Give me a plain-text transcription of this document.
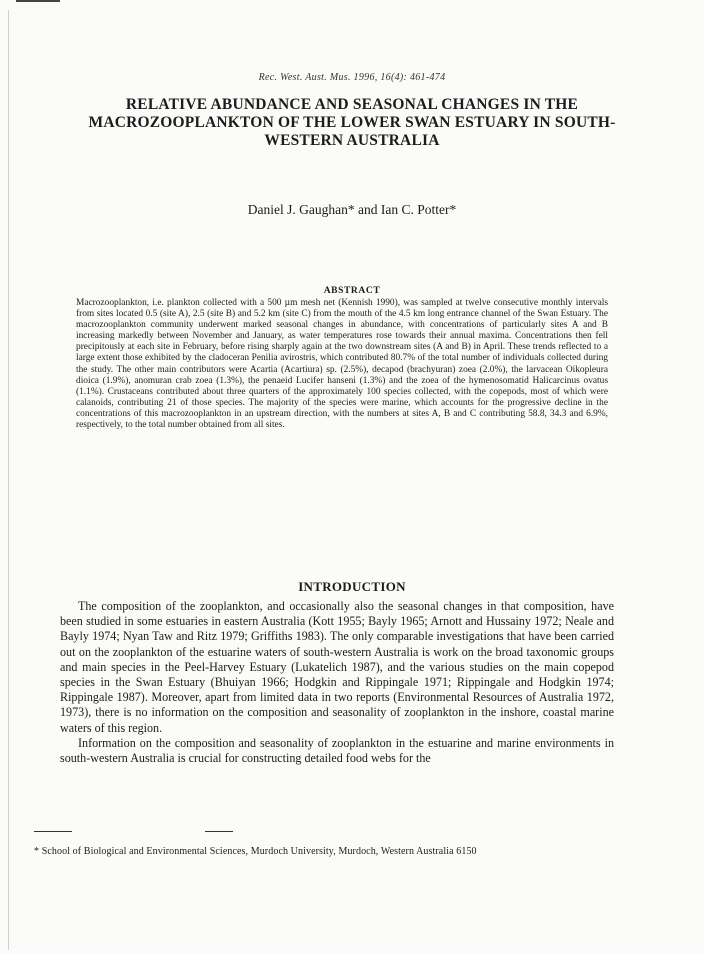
Rec. West. Aust. Mus. 1996, 16(4): 461-474
RELATIVE ABUNDANCE AND SEASONAL CHANGES IN THE MACROZOOPLANKTON OF THE LOWER SWAN ESTUARY IN SOUTH-WESTERN AUSTRALIA
Daniel J. Gaughan* and Ian C. Potter*
ABSTRACT

Macrozooplankton, i.e. plankton collected with a 500 µm mesh net (Kennish 1990), was sampled at twelve consecutive monthly intervals from sites located 0.5 (site A), 2.5 (site B) and 5.2 km (site C) from the mouth of the 4.5 km long entrance channel of the Swan Estuary. The macrozooplankton community underwent marked seasonal changes in abundance, with concentrations of particularly sites A and B increasing markedly between November and January, as water temperatures rose towards their annual maxima. Concentrations then fell precipitously at each site in February, before rising sharply again at the two downstream sites (A and B) in April. These trends reflected to a large extent those exhibited by the cladoceran Penilia avirostris, which contributed 80.7% of the total number of individuals collected during the study. The other main contributors were Acartia (Acartiura) sp. (2.5%), decapod (brachyuran) zoea (2.0%), the larvacean Oikopleura dioica (1.9%), anomuran crab zoea (1.3%), the penaeid Lucifer hanseni (1.3%) and the zoea of the hymenosomatid Halicarcinus ovatus (1.1%). Crustaceans contributed about three quarters of the approximately 100 species collected, with the copepods, most of which were calanoids, contributing 21 of those species. The majority of the species were marine, which accounts for the progressive decline in the concentrations of this macrozooplankton in an upstream direction, with the numbers at sites A, B and C contributing 58.8, 34.3 and 6.9%, respectively, to the total number obtained from all sites.

INTRODUCTION

The composition of the zooplankton, and occasionally also the seasonal changes in that composition, have been studied in some estuaries in eastern Australia (Kott 1955; Bayly 1965; Arnott and Hussainy 1972; Neale and Bayly 1974; Nyan Taw and Ritz 1979; Griffiths 1983). The only comparable investigations that have been carried out on the zooplankton of the estuarine waters of south-western Australia is work on the broad taxonomic groups and main species in the Peel-Harvey Estuary (Lukatelich 1987), and the various studies on the main copepod species in the Swan Estuary (Bhuiyan 1966; Hodgkin and Rippingale 1971; Rippingale and Hodgkin 1974; Rippingale 1987). Moreover, apart from limited data in two reports (Environmental Resources of Australia 1972, 1973), there is no information on the composition and seasonality of zooplankton in the inshore, coastal marine waters of this region.

Information on the composition and seasonality of zooplankton in the estuarine and marine environments in south-western Australia is crucial for constructing detailed food webs for the

* School of Biological and Environmental Sciences, Murdoch University, Murdoch, Western Australia 6150
